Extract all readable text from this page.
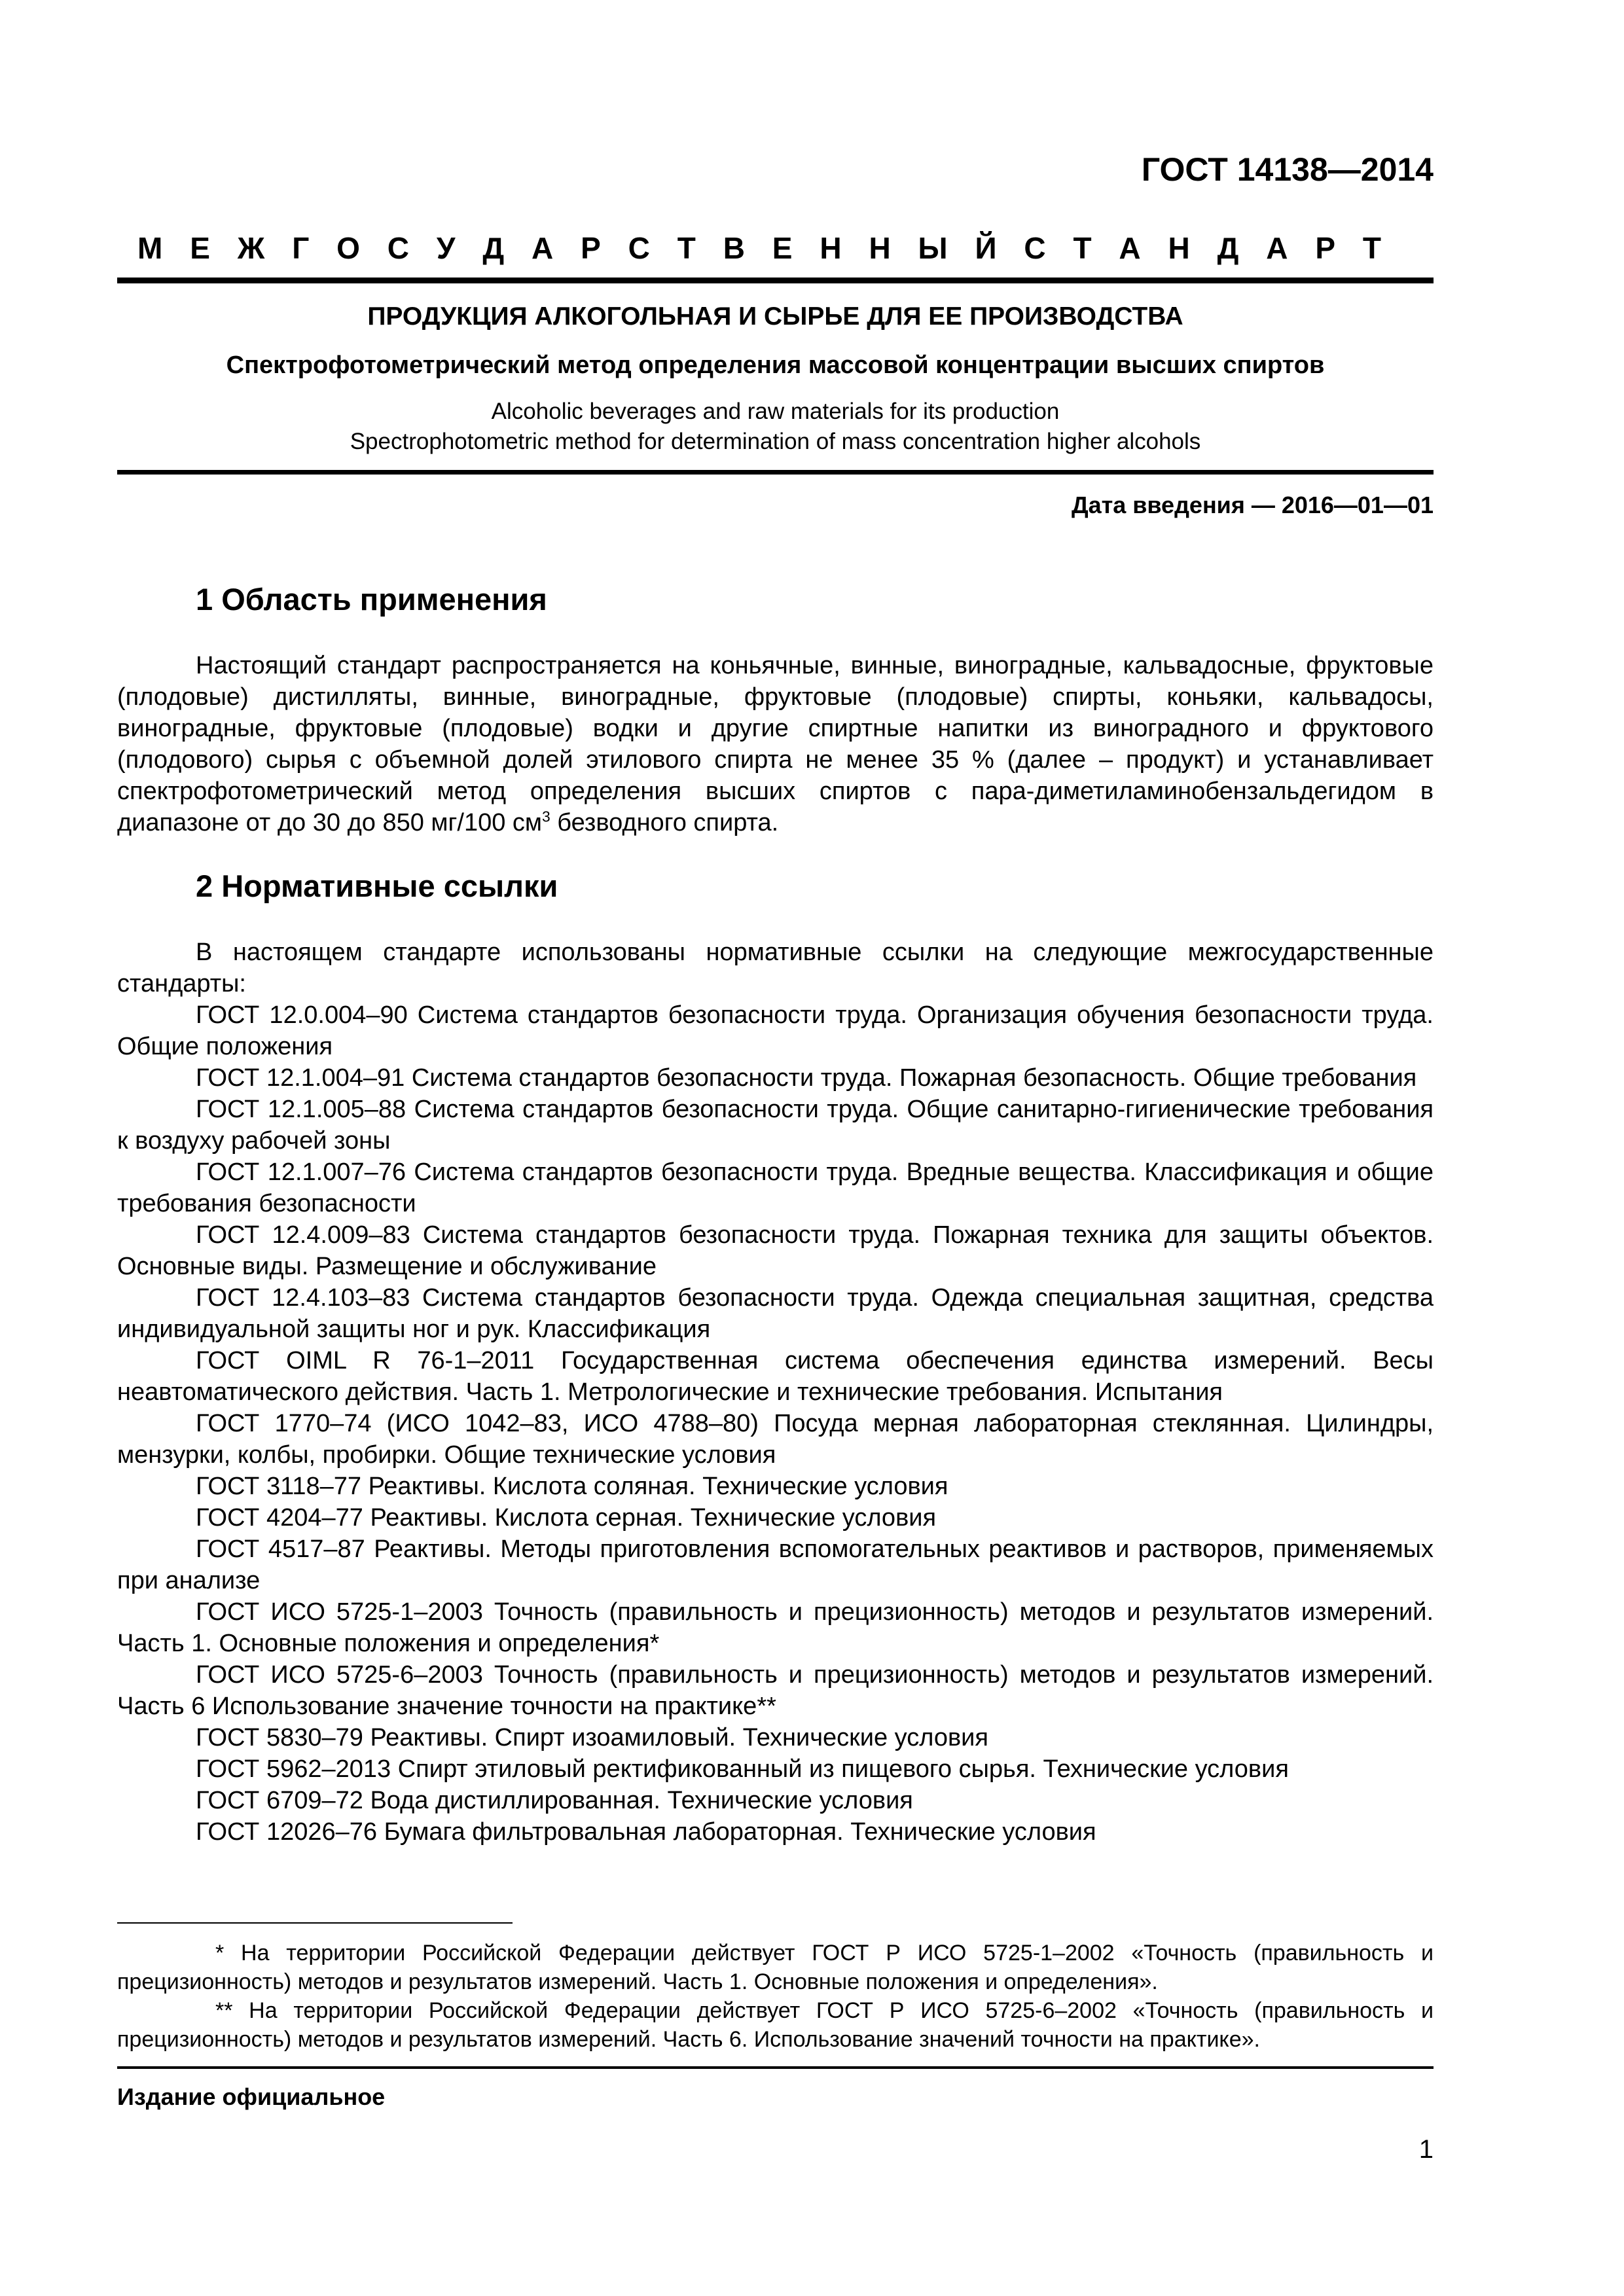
ГОСТ 14138—2014
М Е Ж Г О С У Д А Р С Т В Е Н Н Ы Й С Т А Н Д А Р Т
ПРОДУКЦИЯ АЛКОГОЛЬНАЯ И СЫРЬЕ ДЛЯ ЕЕ ПРОИЗВОДСТВА
Спектрофотометрический метод определения массовой концентрации высших спиртов
Alcoholic beverages and raw materials for its production
Spectrophotometric method for determination of mass concentration higher alcohols
Дата введения — 2016—01—01
1 Область применения

Настоящий стандарт распространяется на коньячные, винные, виноградные, кальвадосные, фруктовые (плодовые) дистилляты, винные, виноградные, фруктовые (плодовые) спирты, коньяки, кальвадосы, виноградные, фруктовые (плодовые) водки и другие спиртные напитки из виноградного и фруктового (плодового) сырья с объемной долей этилового спирта не менее 35 % (далее – продукт) и устанавливает спектрофотометрический метод определения высших спиртов с пара-диметиламинобензальдегидом в диапазоне от до 30 до 850 мг/100 $см^3$ безводного спирта.

2 Нормативные ссылки

В настоящем стандарте использованы нормативные ссылки на следующие межгосударственные стандарты:

ГОСТ 12.0.004–90 Система стандартов безопасности труда. Организация обучения безопасности труда. Общие положения

ГОСТ 12.1.004–91 Система стандартов безопасности труда. Пожарная безопасность. Общие требования

ГОСТ 12.1.005–88 Система стандартов безопасности труда. Общие санитарно-гигиенические требования к воздуху рабочей зоны

ГОСТ 12.1.007–76 Система стандартов безопасности труда. Вредные вещества. Классификация и общие требования безопасности

ГОСТ 12.4.009–83 Система стандартов безопасности труда. Пожарная техника для защиты объектов. Основные виды. Размещение и обслуживание

ГОСТ 12.4.103–83 Система стандартов безопасности труда. Одежда специальная защитная, средства индивидуальной защиты ног и рук. Классификация

ГОСТ OIML R 76-1–2011 Государственная система обеспечения единства измерений. Весы неавтоматического действия. Часть 1. Метрологические и технические требования. Испытания

ГОСТ 1770–74 (ИСО 1042–83, ИСО 4788–80) Посуда мерная лабораторная стеклянная. Цилиндры, мензурки, колбы, пробирки. Общие технические условия

ГОСТ 3118–77 Реактивы. Кислота соляная. Технические условия

ГОСТ 4204–77 Реактивы. Кислота серная. Технические условия

ГОСТ 4517–87 Реактивы. Методы приготовления вспомогательных реактивов и растворов, применяемых при анализе

ГОСТ ИСО 5725-1–2003 Точность (правильность и прецизионность) методов и результатов измерений. Часть 1. Основные положения и определения*

ГОСТ ИСО 5725-6–2003 Точность (правильность и прецизионность) методов и результатов измерений. Часть 6 Использование значение точности на практике**

ГОСТ 5830–79 Реактивы. Спирт изоамиловый. Технические условия

ГОСТ 5962–2013 Спирт этиловый ректификованный из пищевого сырья. Технические условия

ГОСТ 6709–72 Вода дистиллированная. Технические условия

ГОСТ 12026–76 Бумага фильтровальная лабораторная. Технические условия

* На территории Российской Федерации действует ГОСТ Р ИСО 5725-1–2002 «Точность (правильность и прецизионность) методов и результатов измерений. Часть 1. Основные положения и определения».

** На территории Российской Федерации действует ГОСТ Р ИСО 5725-6–2002 «Точность (правильность и прецизионность) методов и результатов измерений. Часть 6. Использование значений точности на практике».

Издание официальное
1
